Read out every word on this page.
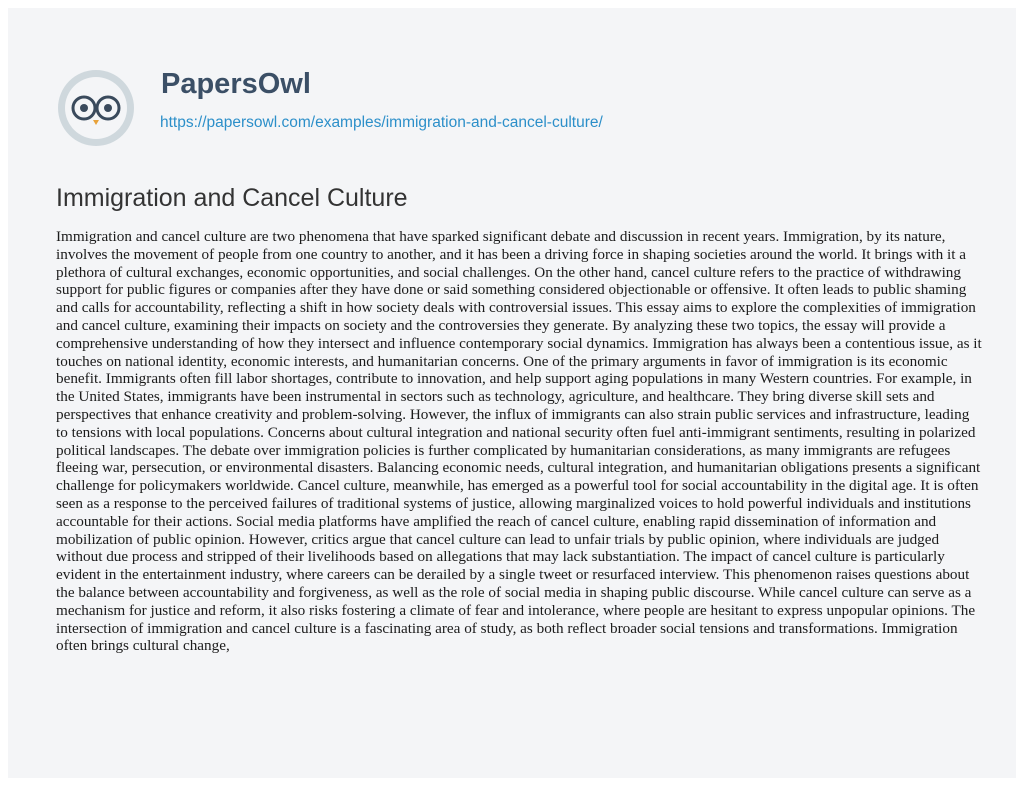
PapersOwl
https://papersowl.com/examples/immigration-and-cancel-culture/
Immigration and Cancel Culture

Immigration and cancel culture are two phenomena that have sparked significant debate and discussion in recent years. Immigration, by its nature, involves the movement of people from one country to another, and it has been a driving force in shaping societies around the world. It brings with it a plethora of cultural exchanges, economic opportunities, and social challenges. On the other hand, cancel culture refers to the practice of withdrawing support for public figures or companies after they have done or said something considered objectionable or offensive. It often leads to public shaming and calls for accountability, reflecting a shift in how society deals with controversial issues. This essay aims to explore the complexities of immigration and cancel culture, examining their impacts on society and the controversies they generate. By analyzing these two topics, the essay will provide a comprehensive understanding of how they intersect and influence contemporary social dynamics. Immigration has always been a contentious issue, as it touches on national identity, economic interests, and humanitarian concerns. One of the primary arguments in favor of immigration is its economic benefit. Immigrants often fill labor shortages, contribute to innovation, and help support aging populations in many Western countries. For example, in the United States, immigrants have been instrumental in sectors such as technology, agriculture, and healthcare. They bring diverse skill sets and perspectives that enhance creativity and problem-solving. However, the influx of immigrants can also strain public services and infrastructure, leading to tensions with local populations. Concerns about cultural integration and national security often fuel anti-immigrant sentiments, resulting in polarized political landscapes. The debate over immigration policies is further complicated by humanitarian considerations, as many immigrants are refugees fleeing war, persecution, or environmental disasters. Balancing economic needs, cultural integration, and humanitarian obligations presents a significant challenge for policymakers worldwide. Cancel culture, meanwhile, has emerged as a powerful tool for social accountability in the digital age. It is often seen as a response to the perceived failures of traditional systems of justice, allowing marginalized voices to hold powerful individuals and institutions accountable for their actions. Social media platforms have amplified the reach of cancel culture, enabling rapid dissemination of information and mobilization of public opinion. However, critics argue that cancel culture can lead to unfair trials by public opinion, where individuals are judged without due process and stripped of their livelihoods based on allegations that may lack substantiation. The impact of cancel culture is particularly evident in the entertainment industry, where careers can be derailed by a single tweet or resurfaced interview. This phenomenon raises questions about the balance between accountability and forgiveness, as well as the role of social media in shaping public discourse. While cancel culture can serve as a mechanism for justice and reform, it also risks fostering a climate of fear and intolerance, where people are hesitant to express unpopular opinions. The intersection of immigration and cancel culture is a fascinating area of study, as both reflect broader social tensions and transformations. Immigration often brings cultural change,
